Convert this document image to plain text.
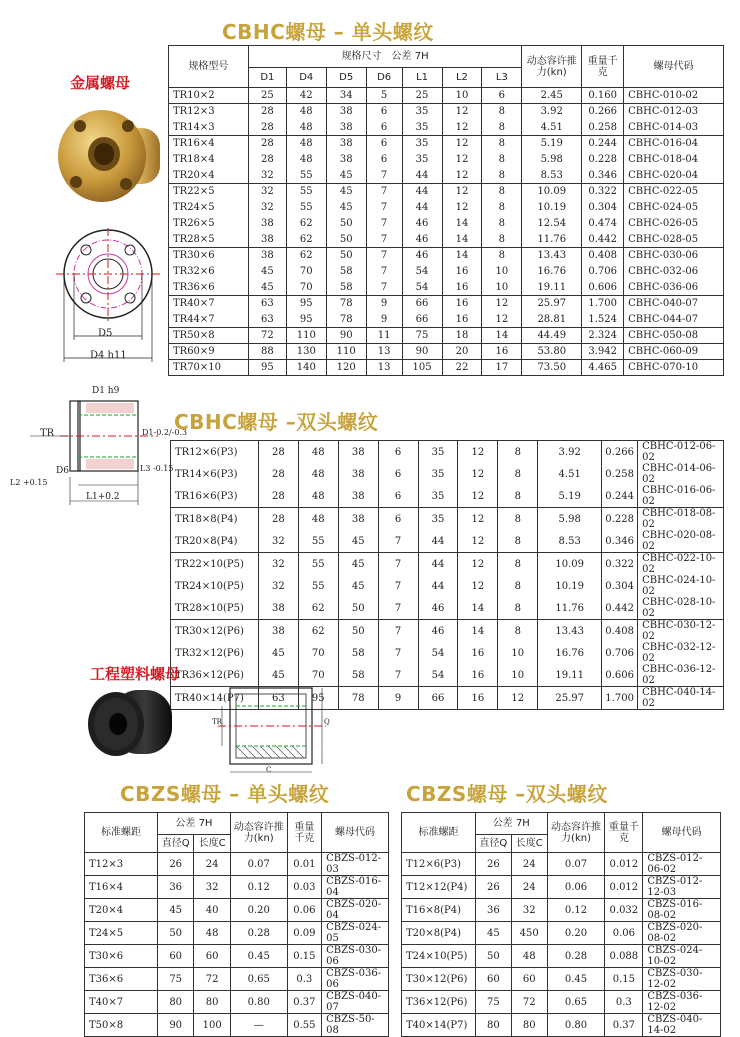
CBHC螺母 – 单头螺纹
金属螺母
CBHC螺母 –双头螺纹
工程塑料螺母
CBZS螺母 – 单头螺纹	CBZS螺母 –双头螺纹
D5
D4 h11
D1 h9
TR	D1-0.2/-0.3
L3 -0.15
L2 +0.15
D6
L1+0.2
规格型号	规格尺寸　公差 7H							动态容许推力(kn)	重量千克	螺母代码
	D1	D4	D5	D6	L1	L2	L3			
TR10×2	25	42	34	5	25	10	6	2.45	0.160	CBHC-010-02
TR12×3	28	48	38	6	35	12	8	3.92	0.266	CBHC-012-03
TR14×3	28	48	38	6	35	12	8	4.51	0.258	CBHC-014-03
TR16×4	28	48	38	6	35	12	8	5.19	0.244	CBHC-016-04
TR18×4	28	48	38	6	35	12	8	5.98	0.228	CBHC-018-04
TR20×4	32	55	45	7	44	12	8	8.53	0.346	CBHC-020-04
TR22×5	32	55	45	7	44	12	8	10.09	0.322	CBHC-022-05
TR24×5	32	55	45	7	44	12	8	10.19	0.304	CBHC-024-05
TR26×5	38	62	50	7	46	14	8	12.54	0.474	CBHC-026-05
TR28×5	38	62	50	7	46	14	8	11.76	0.442	CBHC-028-05
TR30×6	38	62	50	7	46	14	8	13.43	0.408	CBHC-030-06
TR32×6	45	70	58	7	54	16	10	16.76	0.706	CBHC-032-06
TR36×6	45	70	58	7	54	16	10	19.11	0.606	CBHC-036-06
TR40×7	63	95	78	9	66	16	12	25.97	1.700	CBHC-040-07
TR44×7	63	95	78	9	66	16	12	28.81	1.524	CBHC-044-07
TR50×8	72	110	90	11	75	18	14	44.49	2.324	CBHC-050-08
TR60×9	88	130	110	13	90	20	16	53.80	3.942	CBHC-060-09
TR70×10	95	140	120	13	105	22	17	73.50	4.465	CBHC-070-10
TR12×6(P3)	28	48	38	6	35	12	8	3.92	0.266	CBHC-012-06-02
TR14×6(P3)	28	48	38	6	35	12	8	4.51	0.258	CBHC-014-06-02
TR16×6(P3)	28	48	38	6	35	12	8	5.19	0.244	CBHC-016-06-02
TR18×8(P4)	28	48	38	6	35	12	8	5.98	0.228	CBHC-018-08-02
TR20×8(P4)	32	55	45	7	44	12	8	8.53	0.346	CBHC-020-08-02
TR22×10(P5)	32	55	45	7	44	12	8	10.09	0.322	CBHC-022-10-02
TR24×10(P5)	32	55	45	7	44	12	8	10.19	0.304	CBHC-024-10-02
TR28×10(P5)	38	62	50	7	46	14	8	11.76	0.442	CBHC-028-10-02
TR30×12(P6)	38	62	50	7	46	14	8	13.43	0.408	CBHC-030-12-02
TR32×12(P6)	45	70	58	7	54	16	10	16.76	0.706	CBHC-032-12-02
TR36×12(P6)	45	70	58	7	54	16	10	19.11	0.606	CBHC-036-12-02
TR40×14(P7)	63	95	78	9	66	16	12	25.97	1.700	CBHC-040-14-02
TR	Q
C
标准螺距	公差 7H		动态容许推力(kn)	重量千克	螺母代码
	直径Q	长度C			
T12×3	26	24	0.07	0.01	CBZS-012-03
T16×4	36	32	0.12	0.03	CBZS-016-04
T20×4	45	40	0.20	0.06	CBZS-020-04
T24×5	50	48	0.28	0.09	CBZS-024-05
T30×6	60	60	0.45	0.15	CBZS-030-06
T36×6	75	72	0.65	0.3	CBZS-036-06
T40×7	80	80	0.80	0.37	CBZS-040-07
T50×8	90	100	—	0.55	CBZS-50-08
标准螺距	公差 7H		动态容许推力(kn)	重量千克	螺母代码
	直径Q	长度C			
T12×6(P3)	26	24	0.07	0.012	CBZS-012-06-02
T12×12(P4)	26	24	0.06	0.012	CBZS-012-12-03
T16×8(P4)	36	32	0.12	0.032	CBZS-016-08-02
T20×8(P4)	45	450	0.20	0.06	CBZS-020-08-02
T24×10(P5)	50	48	0.28	0.088	CBZS-024-10-02
T30×12(P6)	60	60	0.45	0.15	CBZS-030-12-02
T36×12(P6)	75	72	0.65	0.3	CBZS-036-12-02
T40×14(P7)	80	80	0.80	0.37	CBZS-040-14-02
